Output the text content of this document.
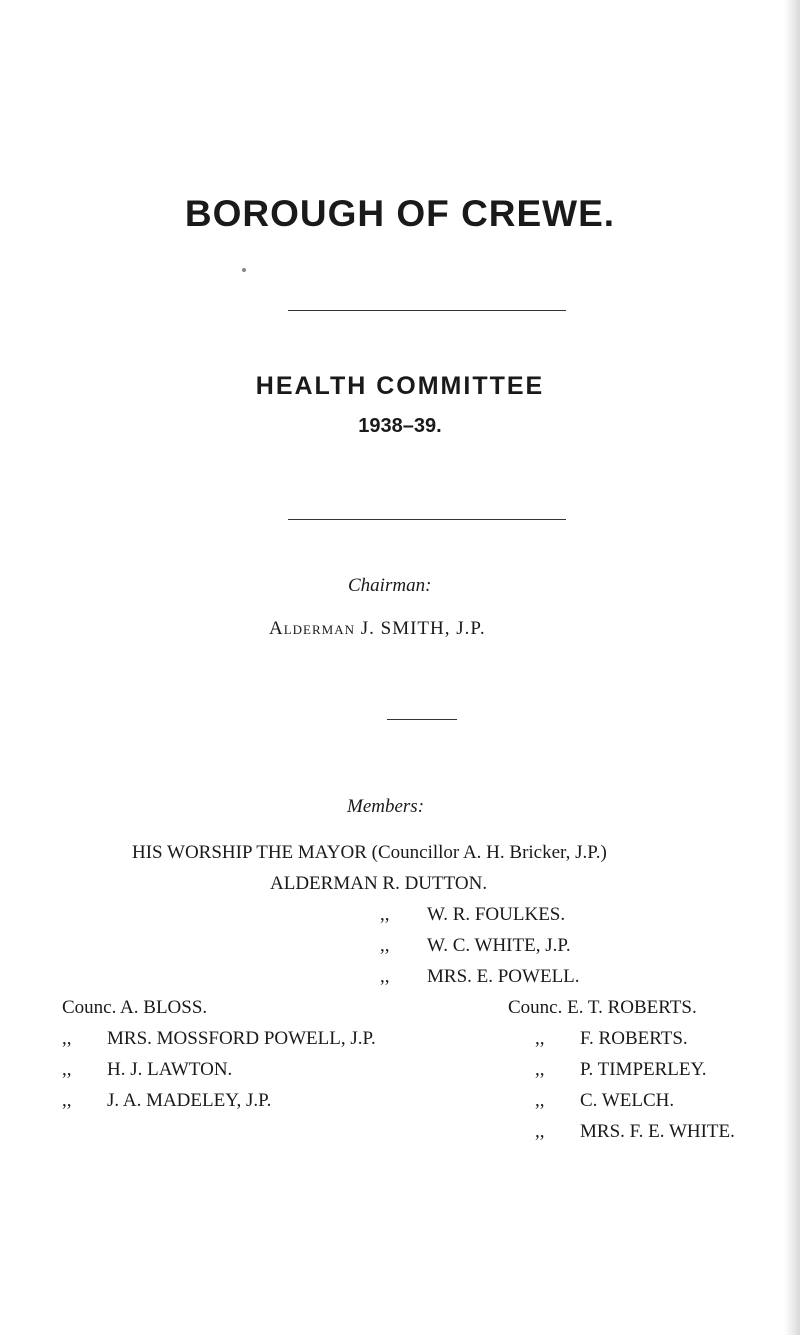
BOROUGH OF CREWE.
HEALTH COMMITTEE
1938–39.
Chairman:
Alderman J. SMITH, J.P.
Members:
HIS WORSHIP THE MAYOR (Councillor A. H. Bricker, J.P.)
ALDERMAN R. DUTTON.
,, W. R. FOULKES.
,, W. C. WHITE, J.P.
,, MRS. E. POWELL.
Counc. A. BLOSS.
,, MRS. MOSSFORD POWELL, J.P.
,, H. J. LAWTON.
,, J. A. MADELEY, J.P.
Counc. E. T. ROBERTS.
,, F. ROBERTS.
,, P. TIMPERLEY.
,, C. WELCH.
,, MRS. F. E. WHITE.
